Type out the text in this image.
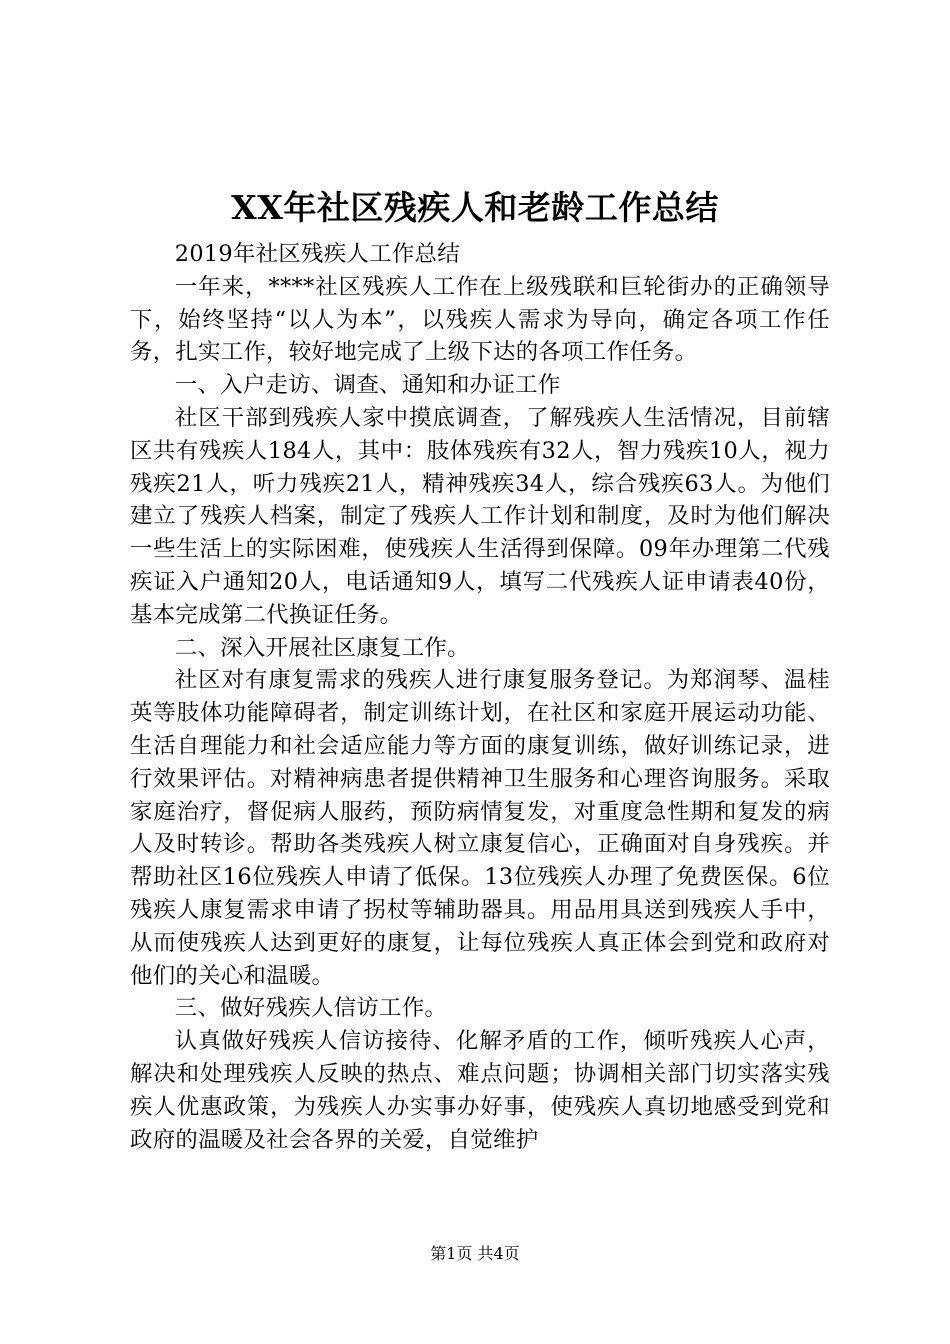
XX年社区残疾人和老龄工作总结

2019年社区残疾人工作总结

一年来，****社区残疾人工作在上级残联和巨轮街办的正确领导下，始终坚持“以人为本”，以残疾人需求为导向，确定各项工作任务，扎实工作，较好地完成了上级下达的各项工作任务。

一、入户走访、调查、通知和办证工作

社区干部到残疾人家中摸底调查，了解残疾人生活情况，目前辖区共有残疾人184人，其中：肢体残疾有32人，智力残疾10人，视力残疾21人，听力残疾21人，精神残疾34人，综合残疾63人。为他们建立了残疾人档案，制定了残疾人工作计划和制度，及时为他们解决一些生活上的实际困难，使残疾人生活得到保障。09年办理第二代残疾证入户通知20人，电话通知9人，填写二代残疾人证申请表40份，基本完成第二代换证任务。

二、深入开展社区康复工作。

社区对有康复需求的残疾人进行康复服务登记。为郑润琴、温桂英等肢体功能障碍者，制定训练计划，在社区和家庭开展运动功能、生活自理能力和社会适应能力等方面的康复训练，做好训练记录，进行效果评估。对精神病患者提供精神卫生服务和心理咨询服务。采取家庭治疗，督促病人服药，预防病情复发，对重度急性期和复发的病人及时转诊。帮助各类残疾人树立康复信心，正确面对自身残疾。并帮助社区16位残疾人申请了低保。13位残疾人办理了免费医保。6位残疾人康复需求申请了拐杖等辅助器具。用品用具送到残疾人手中，从而使残疾人达到更好的康复，让每位残疾人真正体会到党和政府对他们的关心和温暖。

三、做好残疾人信访工作。

认真做好残疾人信访接待、化解矛盾的工作，倾听残疾人心声，解决和处理残疾人反映的热点、难点问题；协调相关部门切实落实残疾人优惠政策，为残疾人办实事办好事，使残疾人真切地感受到党和政府的温暖及社会各界的关爱，自觉维护

第1页 共4页
